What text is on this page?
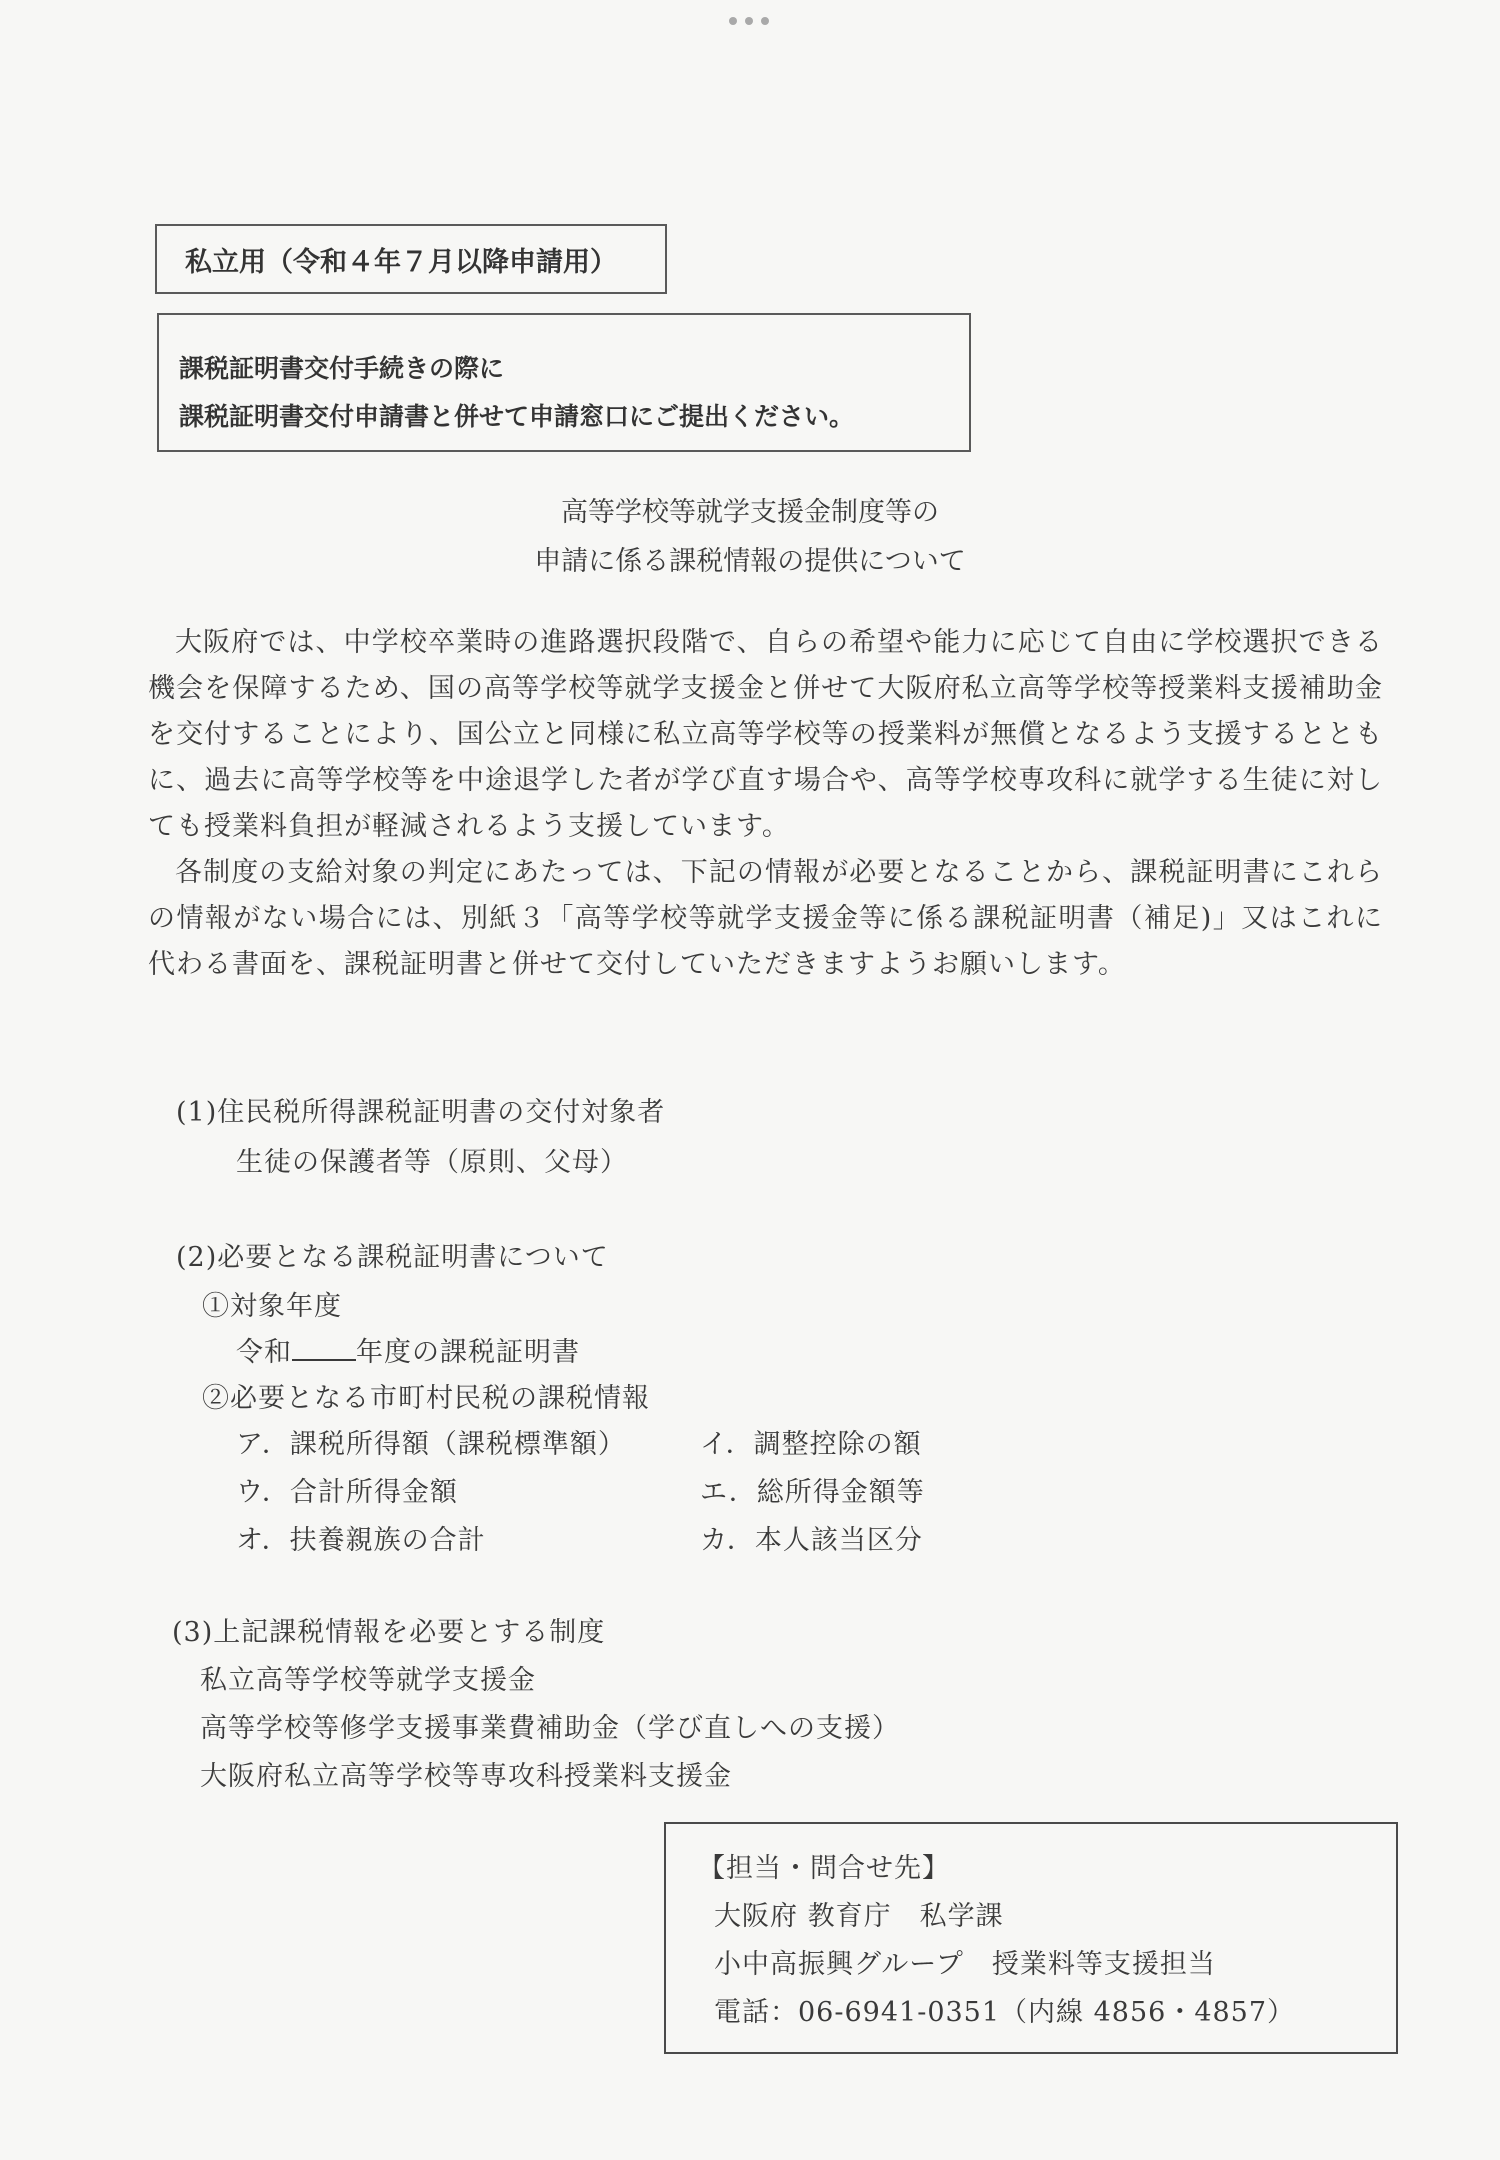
私立用（令和４年７月以降申請用）
課税証明書交付手続きの際に
課税証明書交付申請書と併せて申請窓口にご提出ください。
高等学校等就学支援金制度等の
申請に係る課税情報の提供について
大阪府では、中学校卒業時の進路選択段階で、自らの希望や能力に応じて自由に学校選択できる機会を保障するため、国の高等学校等就学支援金と併せて大阪府私立高等学校等授業料支援補助金を交付することにより、国公立と同様に私立高等学校等の授業料が無償となるよう支援するとともに、過去に高等学校等を中途退学した者が学び直す場合や、高等学校専攻科に就学する生徒に対しても授業料負担が軽減されるよう支援しています。
各制度の支給対象の判定にあたっては、下記の情報が必要となることから、課税証明書にこれらの情報がない場合には、別紙３「高等学校等就学支援金等に係る課税証明書（補足)」又はこれに代わる書面を、課税証明書と併せて交付していただきますようお願いします。
(1)住民税所得課税証明書の交付対象者
生徒の保護者等（原則、父母）
(2)必要となる課税証明書について
①対象年度
令和 年度の課税証明書
②必要となる市町村民税の課税情報
ア．課税所得額（課税標準額）	イ．調整控除の額
ウ．合計所得金額	エ．総所得金額等
オ．扶養親族の合計	カ．本人該当区分
(3)上記課税情報を必要とする制度
私立高等学校等就学支援金
高等学校等修学支援事業費補助金（学び直しへの支援）
大阪府私立高等学校等専攻科授業料支援金
【担当・問合せ先】
大阪府 教育庁　私学課
小中高振興グループ　授業料等支援担当
電話：06-6941-0351（内線 4856・4857）
